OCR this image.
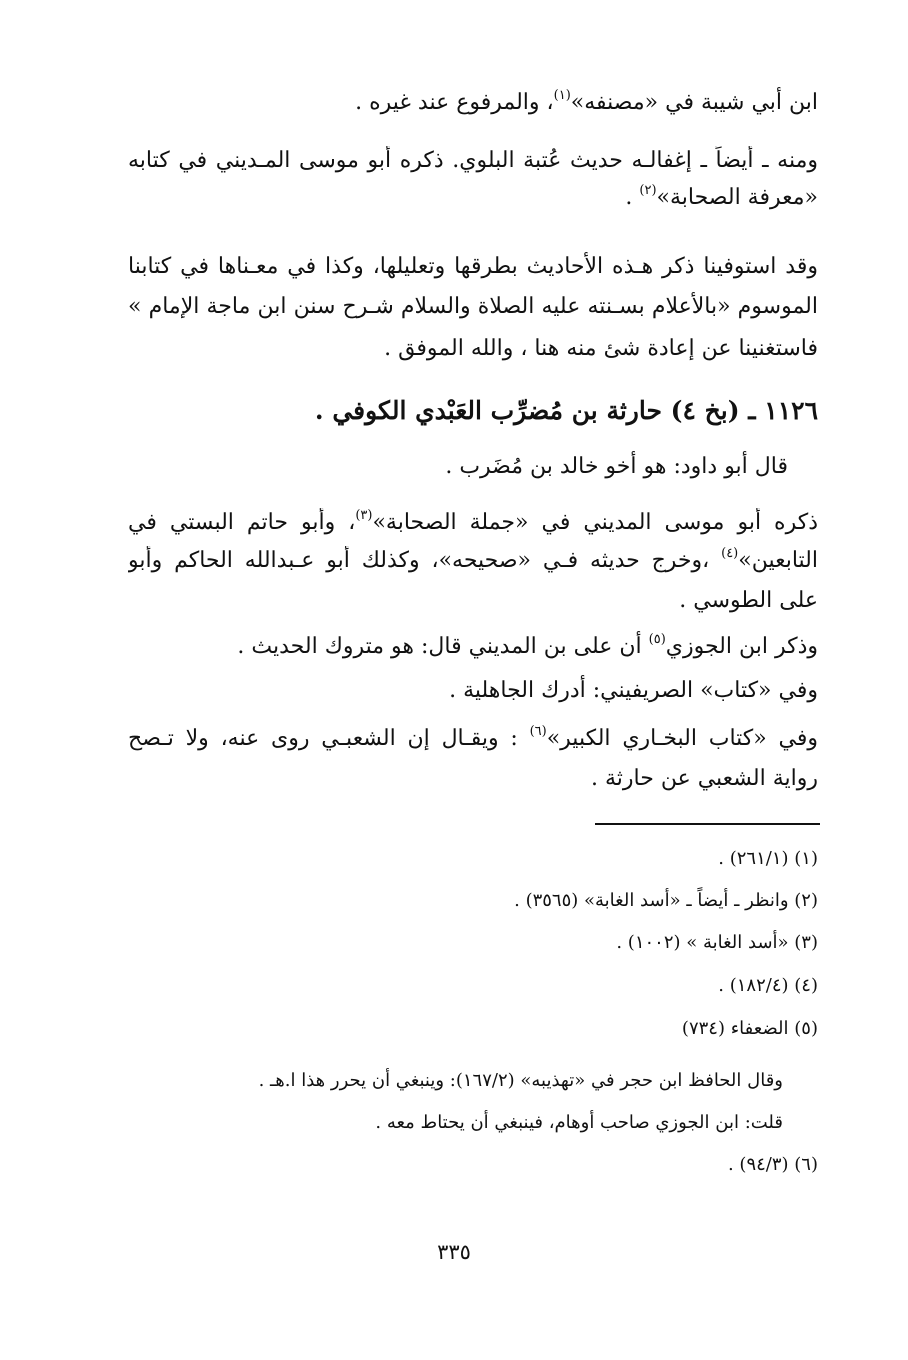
ابن أبي شيبة في «مصنفه»$^{(١)}$، والمرفوع عند غيره .
ومنه ـ أيضاً ـ إغفالـه حديث عُتبة البلوي. ذكره أبو موسى المـديني في كتابه
«معرفة الصحابة»$^{(٢)}$ .
وقد استوفينا ذكر هـذه الأحاديث بطرقها وتعليلها، وكذا في معـناها في كتابنا
الموسوم «بالأعلام بسـنته عليه الصلاة والسلام شـرح سنن ابن ماجة الإمام »
فاستغنينا عن إعادة شئ منه هنا ، والله الموفق .
١١٢٦ ـ (بخ ٤) حارثة بن مُضرِّب العَبْدي الكوفي .
قال أبو داود: هو أخو خالد بن مُضَرب .
ذكره أبو موسى المديني في «جملة الصحابة»$^{(٣)}$، وأبو حاتم البستي في
التابعين»$^{(٤)}$ ،وخرج حديثه فـي «صحيحه»، وكذلك أبو عـبدالله الحاكم وأبو
على الطوسي .
وذكر ابن الجوزي$^{(٥)}$ أن على بن المديني قال: هو متروك الحديث .
وفي «كتاب» الصريفيني: أدرك الجاهلية .
وفي «كتاب البخـاري الكبير»$^{(٦)}$ : ويقـال إن الشعبـي روى عنه، ولا تـصح
رواية الشعبي عن حارثة .
(١) (٢٦١/١) .
(٢) وانظر ـ أيضاً ـ «أسد الغابة» (٣٥٦٥) .
(٣) «أسد الغابة » (١٠٠٢) .
(٤) (١٨٢/٤) .
(٥) الضعفاء (٧٣٤)
وقال الحافظ ابن حجر في «تهذيبه» (١٦٧/٢): وينبغي أن يحرر هذا ا.هـ .
قلت: ابن الجوزي صاحب أوهام، فينبغي أن يحتاط معه .
(٦) (٩٤/٣) .
٣٣٥
